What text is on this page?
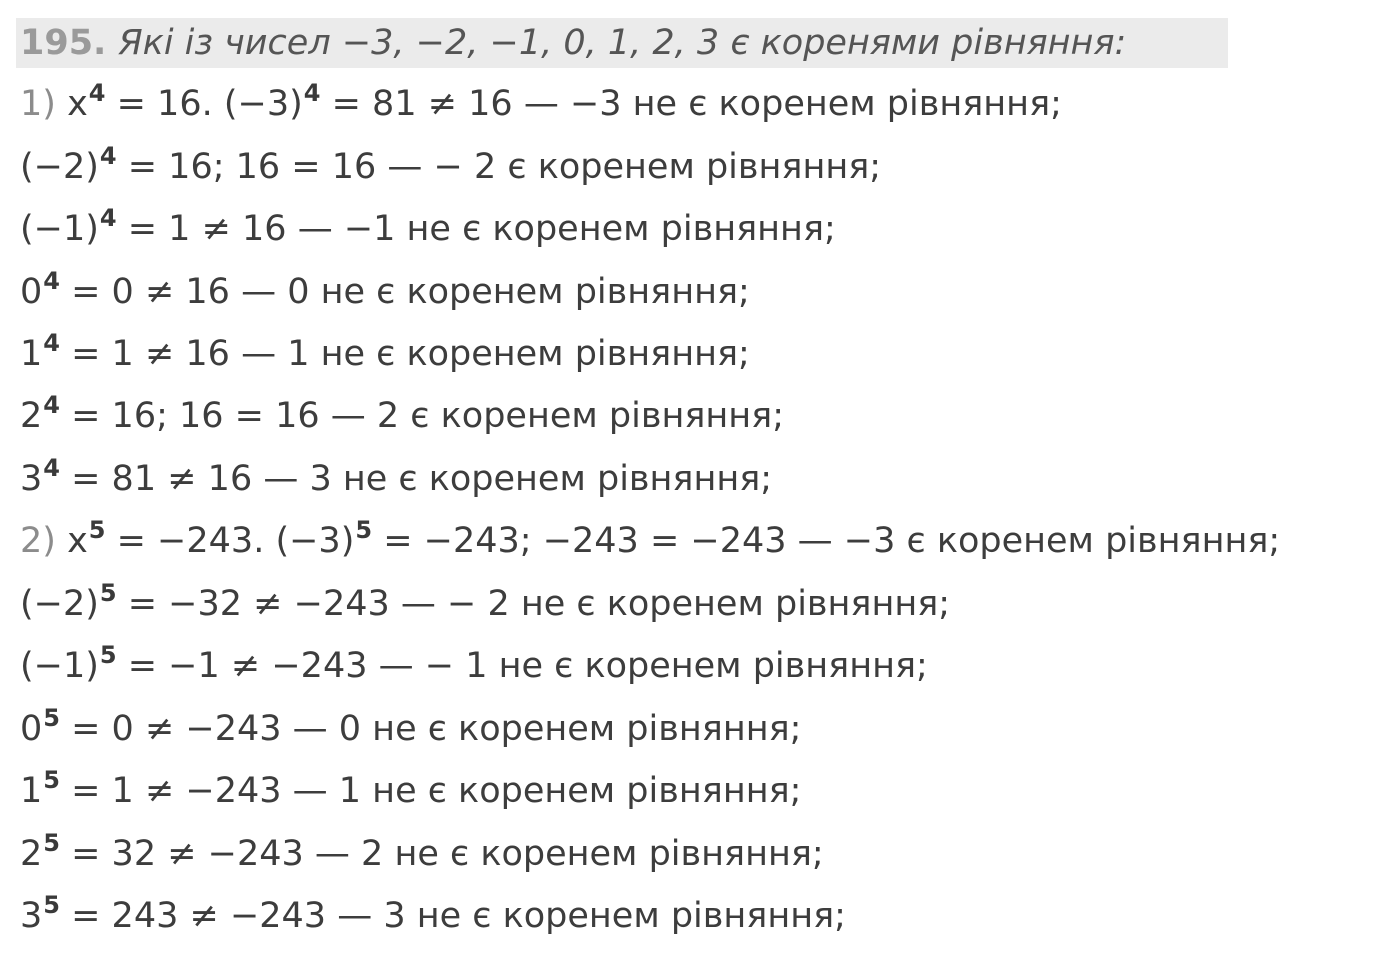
195. Які із чисел −3, −2, −1, 0, 1, 2, 3 є коренями рівняння:
1) $x^4 = 16$. $(-3)^4 = 81 \ne 16$ — −3 не є коренем рівняння;
$(-2)^4 = 16$; 16 = 16 — − 2 є коренем рівняння;
$(-1)^4 = 1 \ne 16$ — −1 не є коренем рівняння;
$0^4 = 0 \ne 16$ — 0 не є коренем рівняння;
$1^4 = 1 \ne 16$ — 1 не є коренем рівняння;
$2^4 = 16$; 16 = 16 — 2 є коренем рівняння;
$3^4 = 81 \ne 16$ — 3 не є коренем рівняння;
2) $x^5 = -243$. $(-3)^5 = -243$; −243 = −243 — −3 є коренем рівняння;
$(-2)^5 = -32 \ne -243$ — − 2 не є коренем рівняння;
$(-1)^5 = -1 \ne -243$ — − 1 не є коренем рівняння;
$0^5 = 0 \ne -243$ — 0 не є коренем рівняння;
$1^5 = 1 \ne -243$ — 1 не є коренем рівняння;
$2^5 = 32 \ne -243$ — 2 не є коренем рівняння;
$3^5 = 243 \ne -243$ — 3 не є коренем рівняння;
